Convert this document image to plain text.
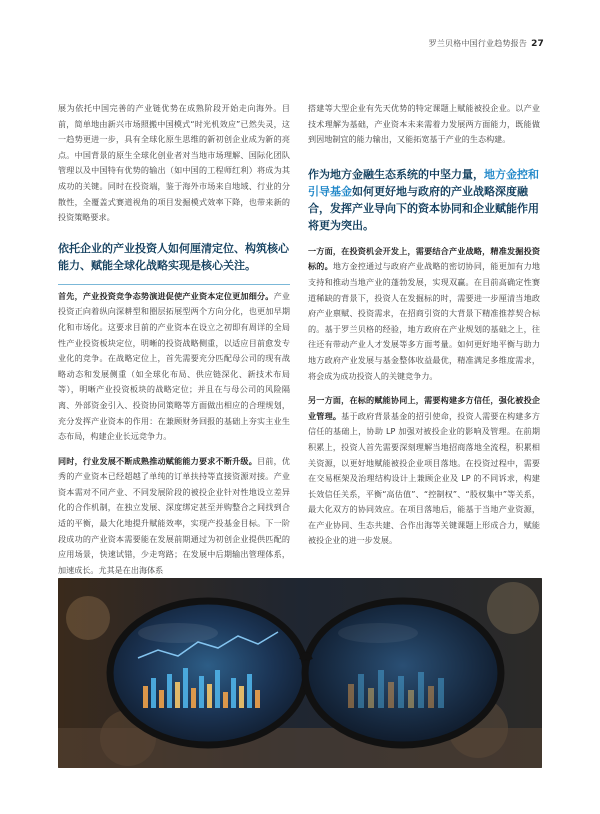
罗兰贝格中国行业趋势报告 27

展为依托中国完善的产业链优势在成熟阶段开始走向海外。目前，简单地由新兴市场照搬中国模式“时光机效应”已然失灵，这一趋势更进一步，具有全球化原生思维的新初创企业成为新的亮点。中国背景的原生全球化创业者对当地市场理解、国际化团队管理以及中国特有优势的输出（如中国的工程师红利）将成为其成功的关键。同时在投资端，鉴于海外市场来自地域、行业的分散性，全覆盖式赛道视角的项目发掘模式效率下降，也带来新的投资策略要求。

依托企业的产业投资人如何厘清定位、构筑核心能力、赋能全球化战略实现是核心关注。

首先，产业投资竞争态势演进促使产业资本定位更加细分。产业投资正向着纵向深耕型和圈层拓展型两个方向分化，也更加早期化和市场化。这要求目前的产业资本在设立之初即有周详的全局性产业投资板块定位，明晰的投资战略侧重，以适应目前愈发专业化的竞争。在战略定位上，首先需要充分匹配母公司的现有战略动态和发展侧重（如全球化布局、供应链深化、新技术布局等），明晰产业投资板块的战略定位；并且在与母公司的风险隔离、外部资金引入、投资协同策略等方面做出相应的合理规划，充分发挥产业资本的作用：在兼顾财务回报的基础上夯实主业生态布局，构建企业长远竞争力。

同时，行业发展不断成熟推动赋能能力要求不断升级。目前，优秀的产业资本已经超越了单纯的订单扶持等直接资源对接。产业资本需对不同产业、不同发展阶段的被投企业针对性地设立差异化的合作机制，在独立发展、深度绑定甚至并购整合之间找到合适的平衡，最大化地提升赋能效率，实现产投基金目标。下一阶段成功的产业资本需要能在发展前期通过为初创企业提供匹配的应用场景，快速试错，少走弯路；在发展中后期输出管理体系，加速成长。尤其是在出海体系

搭建等大型企业有先天优势的特定课题上赋能被投企业。以产业技术理解为基础，产业资本未来需着力发展两方面能力，既能做到因地制宜的能力输出，又能拓宽基于产业的生态构建。

作为地方金融生态系统的中坚力量，地方金控和引导基金如何更好地与政府的产业战略深度融合，发挥产业导向下的资本协同和企业赋能作用将更为突出。

一方面，在投资机会开发上，需要结合产业战略，精准发掘投资标的。地方金控通过与政府产业战略的密切协同，能更加有力地支持和推动当地产业的蓬勃发展，实现双赢。在目前高确定性赛道稀缺的背景下，投资人在发掘标的时，需要进一步厘清当地政府产业禀赋、投资需求，在招商引资的大背景下精准推荐契合标的。基于罗兰贝格的经验，地方政府在产业规划的基础之上，往往还有带动产业人才发展等多方面考量。如何更好地平衡与助力地方政府产业发展与基金整体收益最优，精准满足多维度需求，将会成为成功投资人的关键竞争力。

另一方面，在标的赋能协同上，需要构建多方信任，强化被投企业管理。基于政府背景基金的招引使命，投资人需要在构建多方信任的基础上，协助 LP 加强对被投企业的影响及管理。在前期积累上，投资人首先需要深刻理解当地招商落地全流程，积累相关资源，以更好地赋能被投企业项目落地。在投资过程中，需要在交易框架及治理结构设计上兼顾企业及 LP 的不同诉求，构建长效信任关系，平衡“高估值”、“控制权”、“股权集中”等关系，最大化双方的协同效应。在项目落地后，能基于当地产业资源，在产业协同、生态共建、合作出海等关键课题上形成合力，赋能被投企业的进一步发展。
